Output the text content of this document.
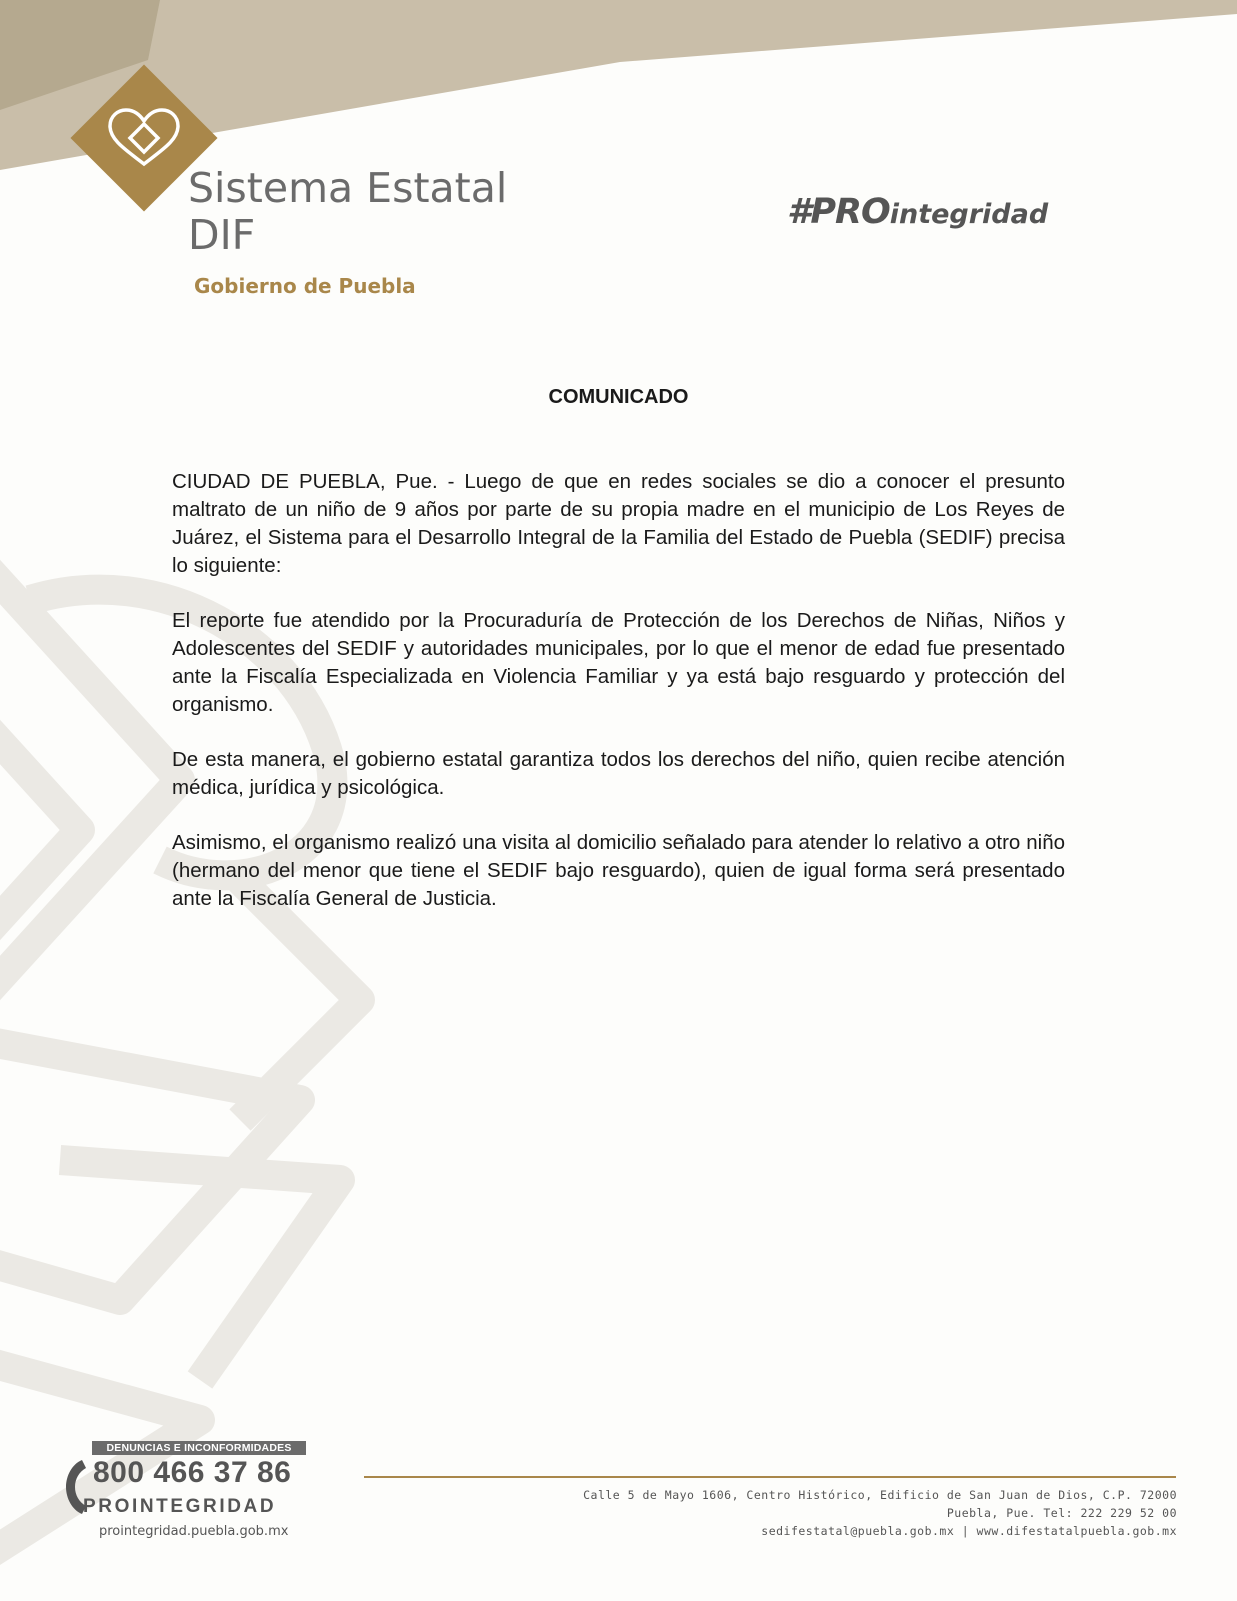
Sistema Estatal
DIF
Gobierno de Puebla
#PROintegridad
COMUNICADO

CIUDAD DE PUEBLA, Pue. - Luego de que en redes sociales se dio a conocer el presunto maltrato de un niño de 9 años por parte de su propia madre en el municipio de Los Reyes de Juárez, el Sistema para el Desarrollo Integral de la Familia del Estado de Puebla (SEDIF) precisa lo siguiente:

El reporte fue atendido por la Procuraduría de Protección de los Derechos de Niñas, Niños y Adolescentes del SEDIF y autoridades municipales, por lo que el menor de edad fue presentado ante la Fiscalía Especializada en Violencia Familiar y ya está bajo resguardo y protección del organismo.

De esta manera, el gobierno estatal garantiza todos los derechos del niño, quien recibe atención médica, jurídica y psicológica.

Asimismo, el organismo realizó una visita al domicilio señalado para atender lo relativo a otro niño (hermano del menor que tiene el SEDIF bajo resguardo), quien de igual forma será presentado ante la Fiscalía General de Justicia.

DENUNCIAS E INCONFORMIDADES
800 466 37 86
PROINTEGRIDAD
prointegridad.puebla.gob.mx
Calle 5 de Mayo 1606, Centro Histórico, Edificio de San Juan de Dios, C.P. 72000
Puebla, Pue. Tel: 222 229 52 00
sedifestatal@puebla.gob.mx | www.difestatalpuebla.gob.mx
